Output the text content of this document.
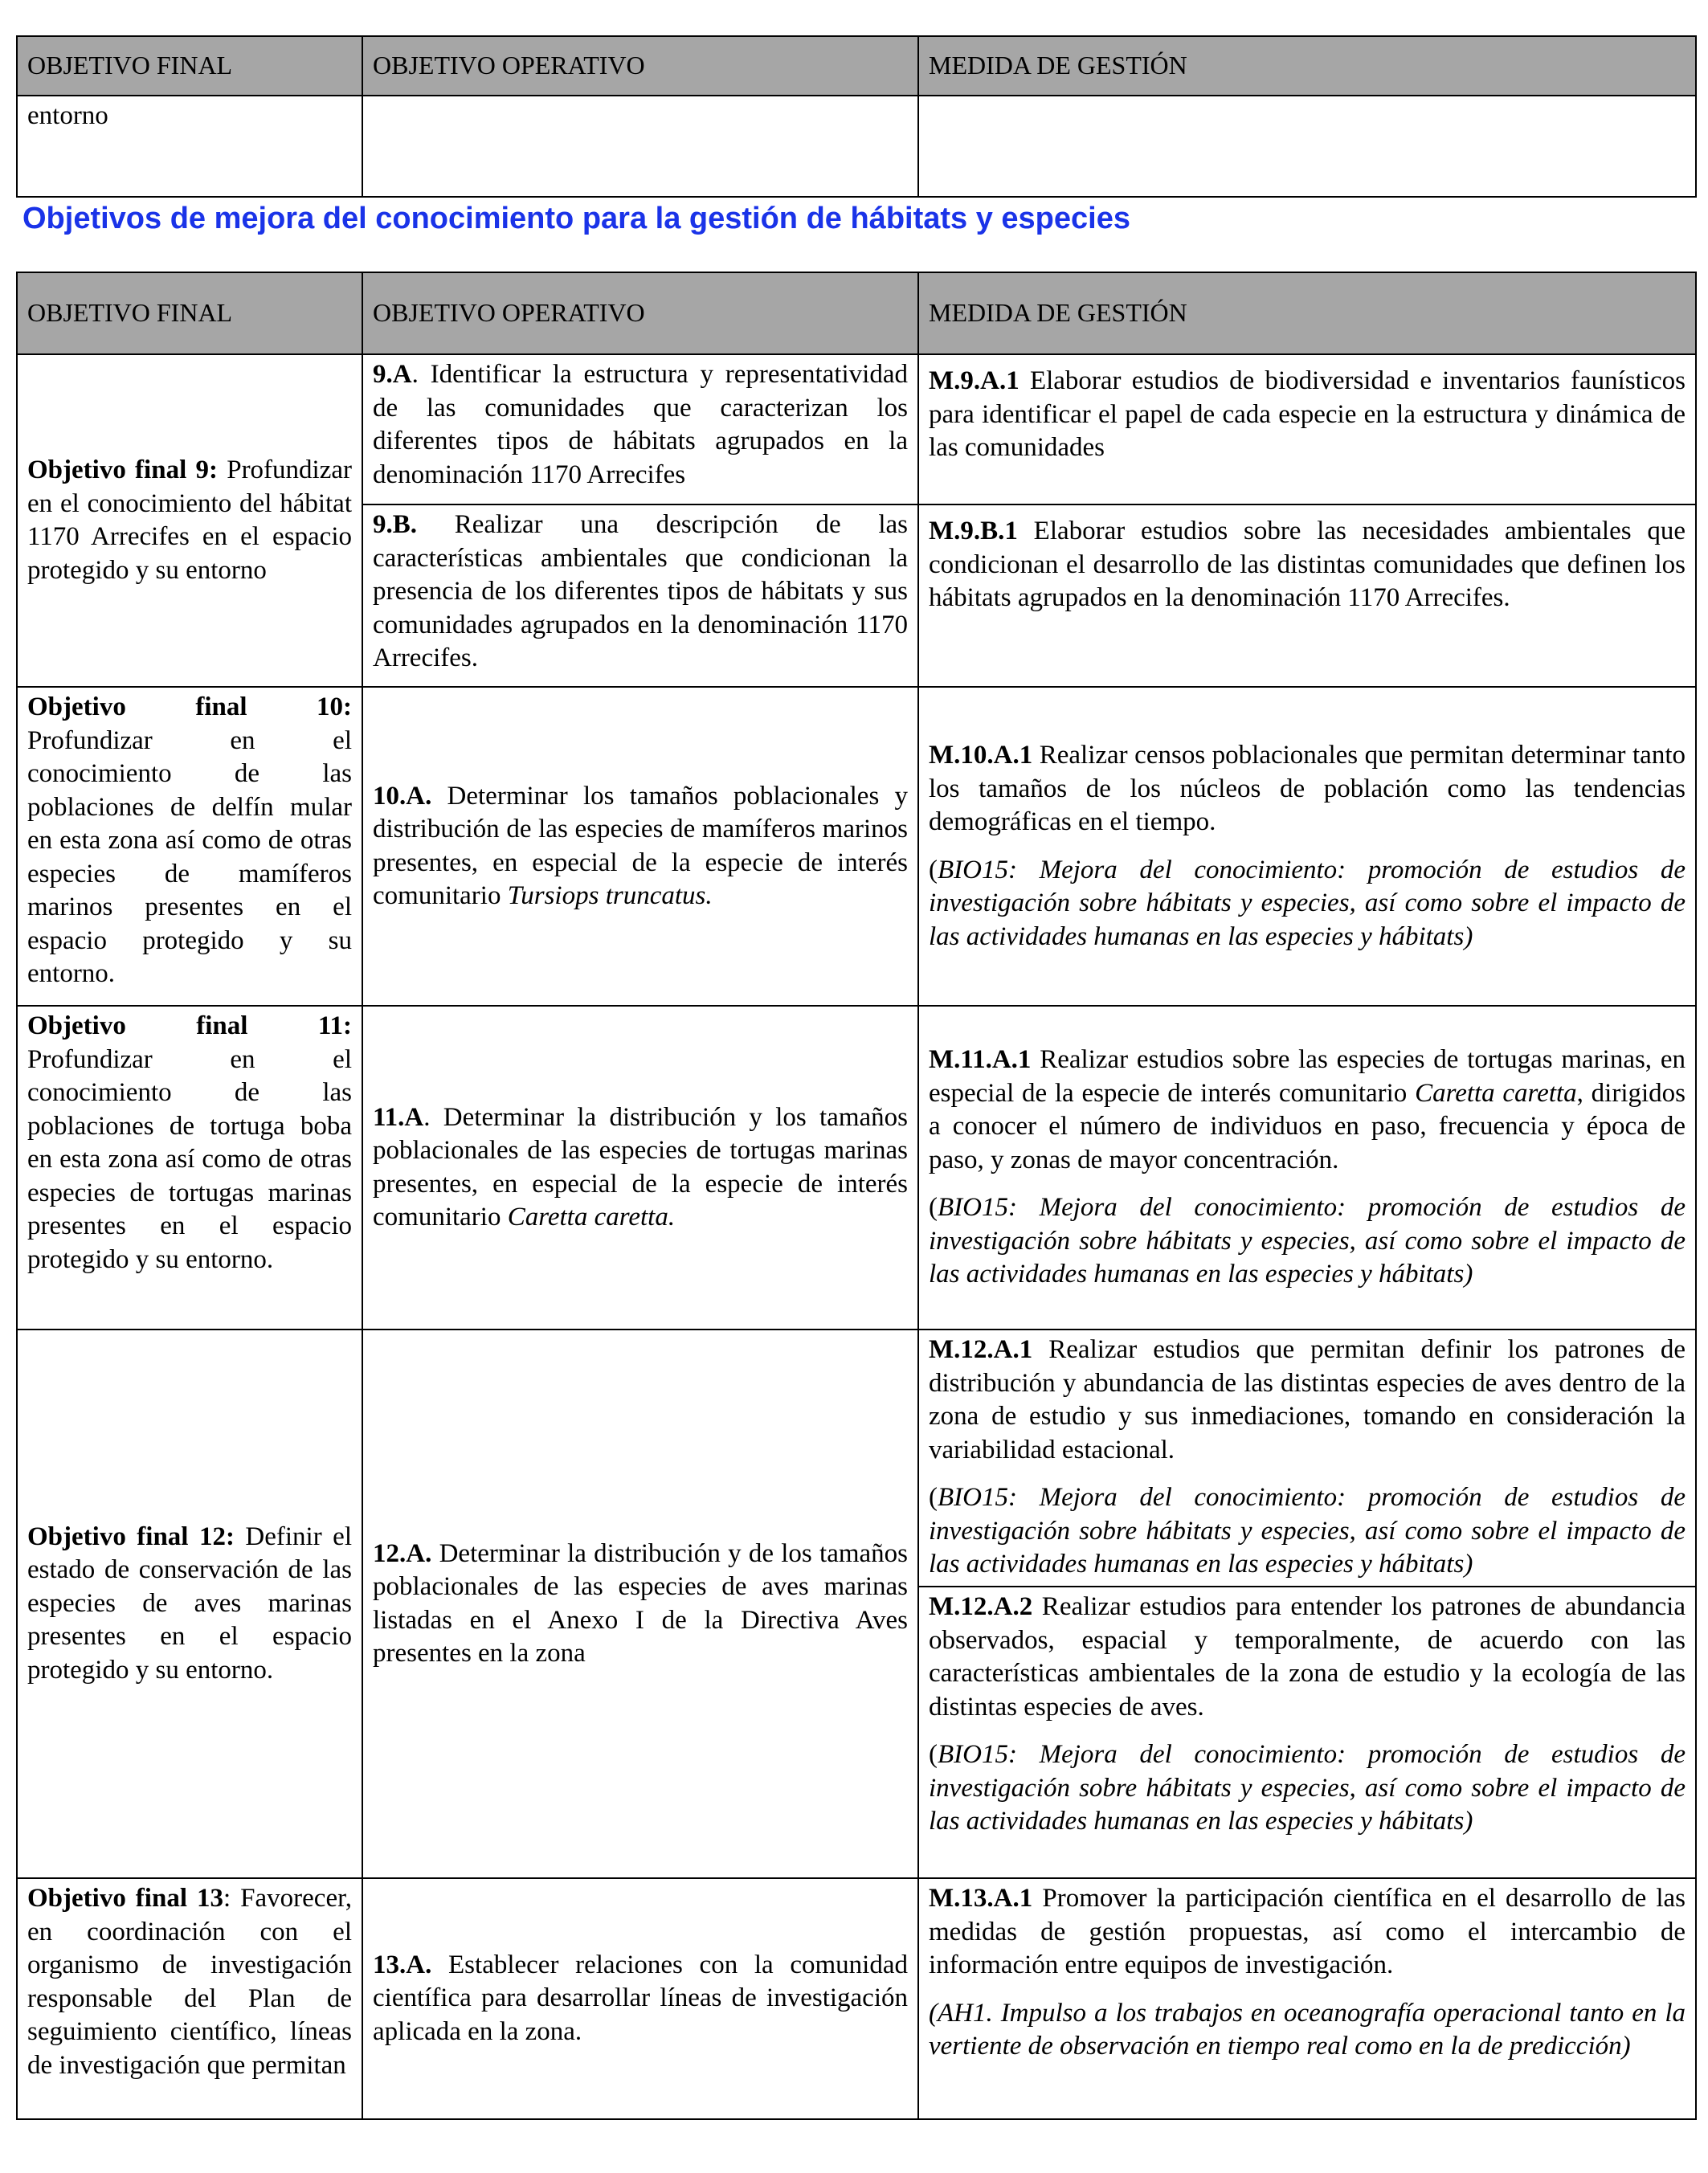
OBJETIVO FINAL	OBJETIVO OPERATIVO	MEDIDA DE GESTIÓN
entorno		
Objetivos de mejora del conocimiento para la gestión de hábitats y especies
OBJETIVO FINAL	OBJETIVO OPERATIVO	MEDIDA DE GESTIÓN
Objetivo final 9: Profundizar en el conocimiento del hábitat 1170 Arrecifes en el espacio protegido y su entorno	9.A. Identificar la estructura y representatividad de las comunidades que caracterizan los diferentes tipos de hábitats agrupados en la denominación 1170 Arrecifes	M.9.A.1 Elaborar estudios de biodiversidad e inventarios faunísticos para identificar el papel de cada especie en la estructura y dinámica de las comunidades
	9.B. Realizar una descripción de las características ambientales que condicionan la presencia de los diferentes tipos de hábitats y sus comunidades agrupados en la denominación 1170 Arrecifes.	M.9.B.1 Elaborar estudios sobre las necesidades ambientales que condicionan el desarrollo de las distintas comunidades que definen los hábitats agrupados en la denominación 1170 Arrecifes.
Objetivo final 10: Profundizar en el conocimiento de las poblaciones de delfín mular en esta zona así como de otras especies de mamíferos marinos presentes en el espacio protegido y su entorno.	10.A. Determinar los tamaños poblacionales y distribución de las especies de mamíferos marinos presentes, en especial de la especie de interés comunitario Tursiops truncatus.	M.10.A.1 Realizar censos poblacionales que permitan determinar tanto los tamaños de los núcleos de población como las tendencias demográficas en el tiempo.
(BIO15: Mejora del conocimiento: promoción de estudios de investigación sobre hábitats y especies, así como sobre el impacto de las actividades humanas en las especies y hábitats)

Objetivo final 11: Profundizar en el conocimiento de las poblaciones de tortuga boba en esta zona así como de otras especies de tortugas marinas presentes en el espacio protegido y su entorno.	11.A. Determinar la distribución y los tamaños poblacionales de las especies de tortugas marinas presentes, en especial de la especie de interés comunitario Caretta caretta.	M.11.A.1 Realizar estudios sobre las especies de tortugas marinas, en especial de la especie de interés comunitario Caretta caretta, dirigidos a conocer el número de individuos en paso, frecuencia y época de paso, y zonas de mayor concentración.
(BIO15: Mejora del conocimiento: promoción de estudios de investigación sobre hábitats y especies, así como sobre el impacto de las actividades humanas en las especies y hábitats)

Objetivo final 12: Definir el estado de conservación de las especies de aves marinas presentes en el espacio protegido y su entorno.	12.A. Determinar la distribución y de los tamaños poblacionales de las especies de aves marinas listadas en el Anexo I de la Directiva Aves presentes en la zona	M.12.A.1 Realizar estudios que permitan definir los patrones de distribución y abundancia de las distintas especies de aves dentro de la zona de estudio y sus inmediaciones, tomando en consideración la variabilidad estacional.
(BIO15: Mejora del conocimiento: promoción de estudios de investigación sobre hábitats y especies, así como sobre el impacto de las actividades humanas en las especies y hábitats)
M.12.A.2 Realizar estudios para entender los patrones de abundancia observados, espacial y temporalmente, de acuerdo con las características ambientales de la zona de estudio y la ecología de las distintas especies de aves.
(BIO15: Mejora del conocimiento: promoción de estudios de investigación sobre hábitats y especies, así como sobre el impacto de las actividades humanas en las especies y hábitats)

Objetivo final 13: Favorecer, en coordinación con el organismo de investigación responsable del Plan de seguimiento científico, líneas de investigación que permitan	13.A. Establecer relaciones con la comunidad científica para desarrollar líneas de investigación aplicada en la zona.	M.13.A.1 Promover la participación científica en el desarrollo de las medidas de gestión propuestas, así como el intercambio de información entre equipos de investigación.
(AH1. Impulso a los trabajos en oceanografía operacional tanto en la vertiente de observación en tiempo real como en la de predicción)
